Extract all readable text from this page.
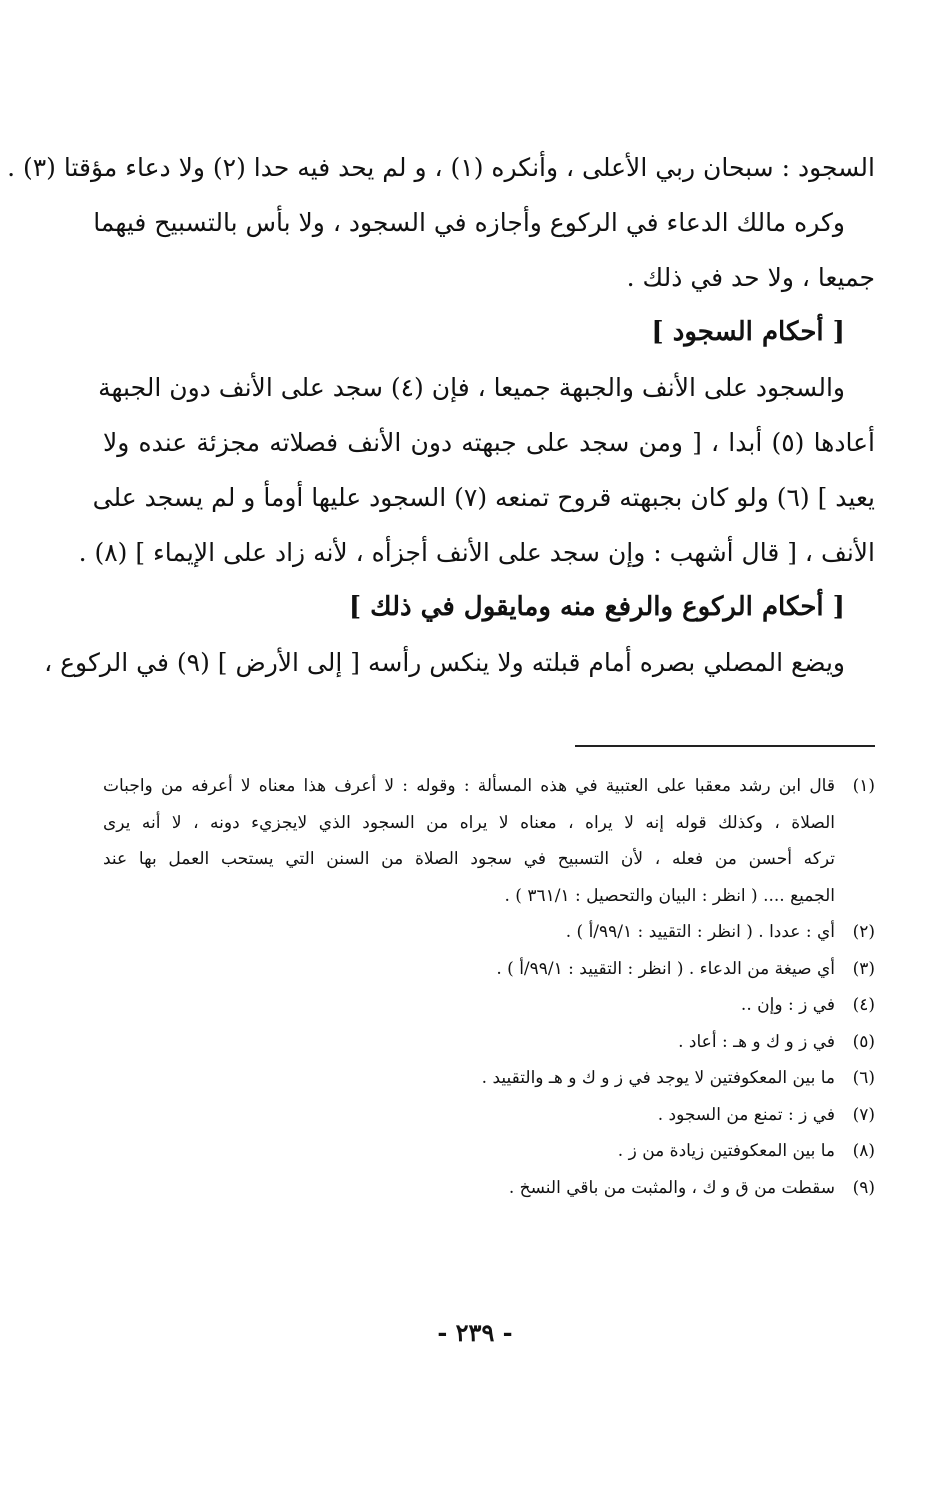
السجود : سبحان ربي الأعلى ، وأنكره (١) ، و لم يحد فيه حدا (٢) ولا دعاء مؤقتا (٣) .
وكره مالك الدعاء في الركوع وأجازه في السجود ، ولا بأس بالتسبيح فيهما
جميعا ، ولا حد في ذلك .
[ أحكام السجود ]
والسجود على الأنف والجبهة جميعا ، فإن (٤) سجد على الأنف دون الجبهة
أعادها (٥) أبدا ، [ ومن سجد على جبهته دون الأنف فصلاته مجزئة عنده ولا
يعيد ] (٦) ولو كان بجبهته قروح تمنعه (٧) السجود عليها أومأ و لم يسجد على
الأنف ، [ قال أشهب : وإن سجد على الأنف أجزأه ، لأنه زاد على الإيماء ] (٨) .
[ أحكام الركوع والرفع منه ومايقول في ذلك ]
ويضع المصلي بصره أمام قبلته ولا ينكس رأسه [ إلى الأرض ] (٩) في الركوع ،
(١)قال ابن رشد معقبا على العتبية في هذه المسألة : وقوله : لا أعرف هذا معناه لا أعرفه من واجبات
الصلاة ، وكذلك قوله إنه لا يراه ، معناه لا يراه من السجود الذي لايجزيء دونه ، لا أنه يرى
تركه أحسن من فعله ، لأن التسبيح في سجود الصلاة من السنن التي يستحب العمل بها عند
الجميع .... ( انظر : البيان والتحصيل : ٣٦١/١ ) .
(٢)أي : عددا . ( انظر : التقييد : ٩٩/١/أ ) .
(٣)أي صيغة من الدعاء . ( انظر : التقييد : ٩٩/١/أ ) .
(٤)في ز : وإن ..
(٥)في ز و ك و هـ : أعاد .
(٦)ما بين المعكوفتين لا يوجد في ز و ك و هـ والتقييد .
(٧)في ز : تمنع من السجود .
(٨)ما بين المعكوفتين زيادة من ز .
(٩)سقطت من ق و ك ، والمثبت من باقي النسخ .
- ٢٣٩ -
